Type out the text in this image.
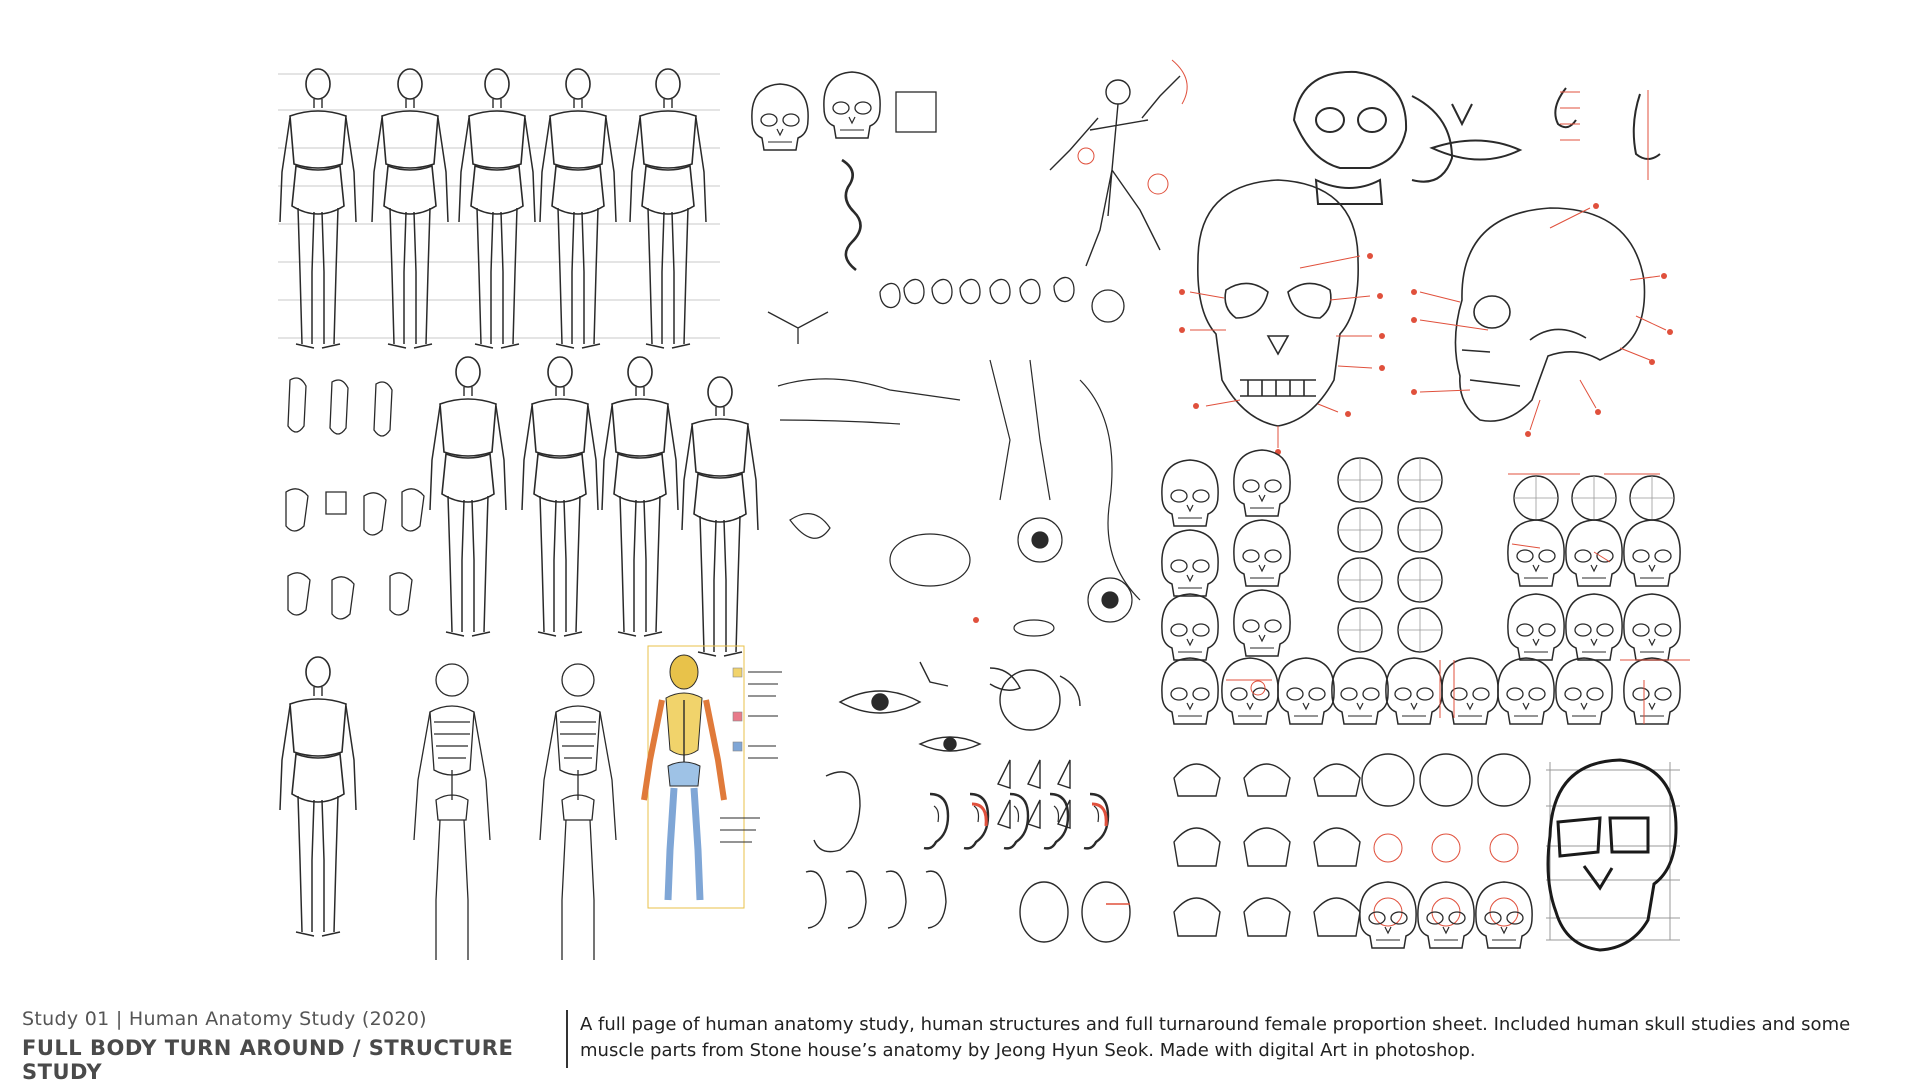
Study 01 | Human Anatomy Study (2020)
FULL BODY TURN AROUND / STRUCTURE STUDY
A full page of human anatomy study, human structures and full turnaround female proportion sheet. Included human skull studies and some muscle parts from Stone house’s anatomy by Jeong Hyun Seok. Made with digital Art in photoshop.
